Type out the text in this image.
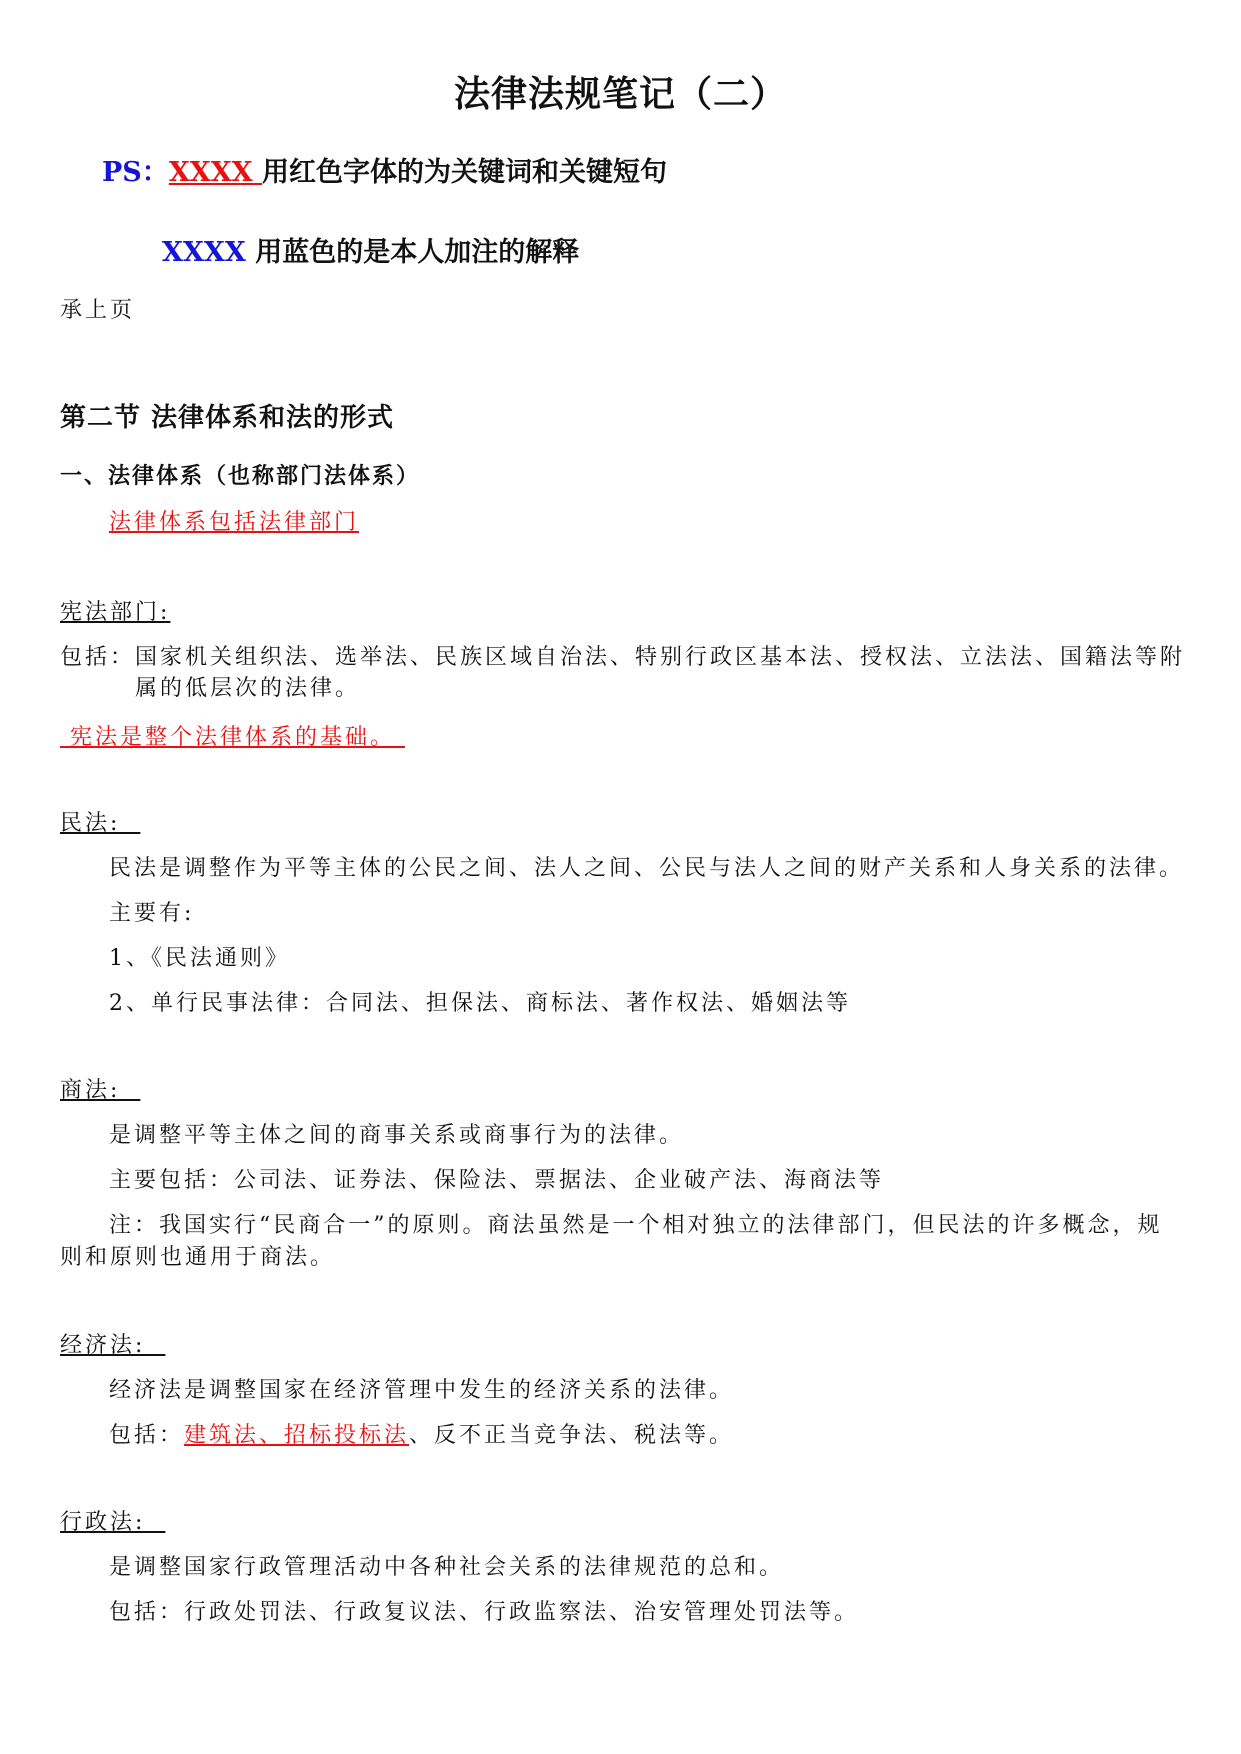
法律法规笔记（二）
PS：XXXX 用红色字体的为关键词和关键短句
XXXX 用蓝色的是本人加注的解释
承上页
第二节 法律体系和法的形式
一、法律体系（也称部门法体系）
法律体系包括法律部门
宪法部门:
包括：国家机关组织法、选举法、民族区域自治法、特别行政区基本法、授权法、立法法、国籍法等附
属的低层次的法律。
宪法是整个法律体系的基础。
民法:
民法是调整作为平等主体的公民之间、法人之间、公民与法人之间的财产关系和人身关系的法律。
主要有:
1、《民法通则》
2、单行民事法律：合同法、担保法、商标法、著作权法、婚姻法等
商法:
是调整平等主体之间的商事关系或商事行为的法律。
主要包括：公司法、证券法、保险法、票据法、企业破产法、海商法等
注：我国实行“民商合一”的原则。商法虽然是一个相对独立的法律部门，但民法的许多概念，规
则和原则也通用于商法。
经济法:
经济法是调整国家在经济管理中发生的经济关系的法律。
包括：建筑法、招标投标法、反不正当竞争法、税法等。
行政法:
是调整国家行政管理活动中各种社会关系的法律规范的总和。
包括：行政处罚法、行政复议法、行政监察法、治安管理处罚法等。
